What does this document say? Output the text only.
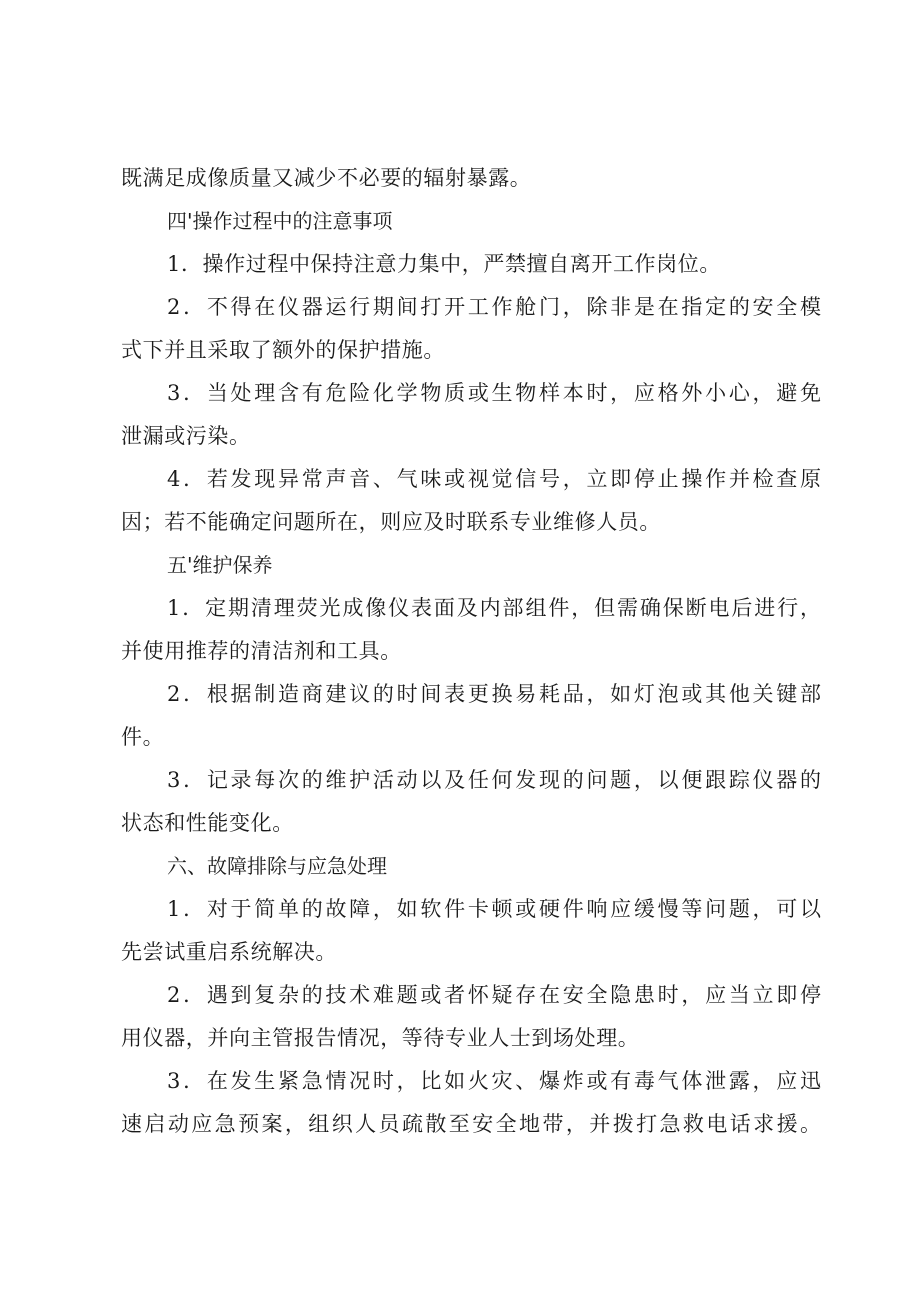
既满足成像质量又减少不必要的辐射暴露。
四'操作过程中的注意事项
1．操作过程中保持注意力集中，严禁擅自离开工作岗位。
2．不得在仪器运行期间打开工作舱门，除非是在指定的安全模
式下并且采取了额外的保护措施。
3．当处理含有危险化学物质或生物样本时，应格外小心，避免
泄漏或污染。
4．若发现异常声音、气味或视觉信号，立即停止操作并检查原
因；若不能确定问题所在，则应及时联系专业维修人员。
五'维护保养
1．定期清理荧光成像仪表面及内部组件，但需确保断电后进行，
并使用推荐的清洁剂和工具。
2．根据制造商建议的时间表更换易耗品，如灯泡或其他关键部
件。
3．记录每次的维护活动以及任何发现的问题，以便跟踪仪器的
状态和性能变化。
六、故障排除与应急处理
1．对于简单的故障，如软件卡顿或硬件响应缓慢等问题，可以
先尝试重启系统解决。
2．遇到复杂的技术难题或者怀疑存在安全隐患时，应当立即停
用仪器，并向主管报告情况，等待专业人士到场处理。
3．在发生紧急情况时，比如火灾、爆炸或有毒气体泄露，应迅
速启动应急预案，组织人员疏散至安全地带，并拨打急救电话求援。
